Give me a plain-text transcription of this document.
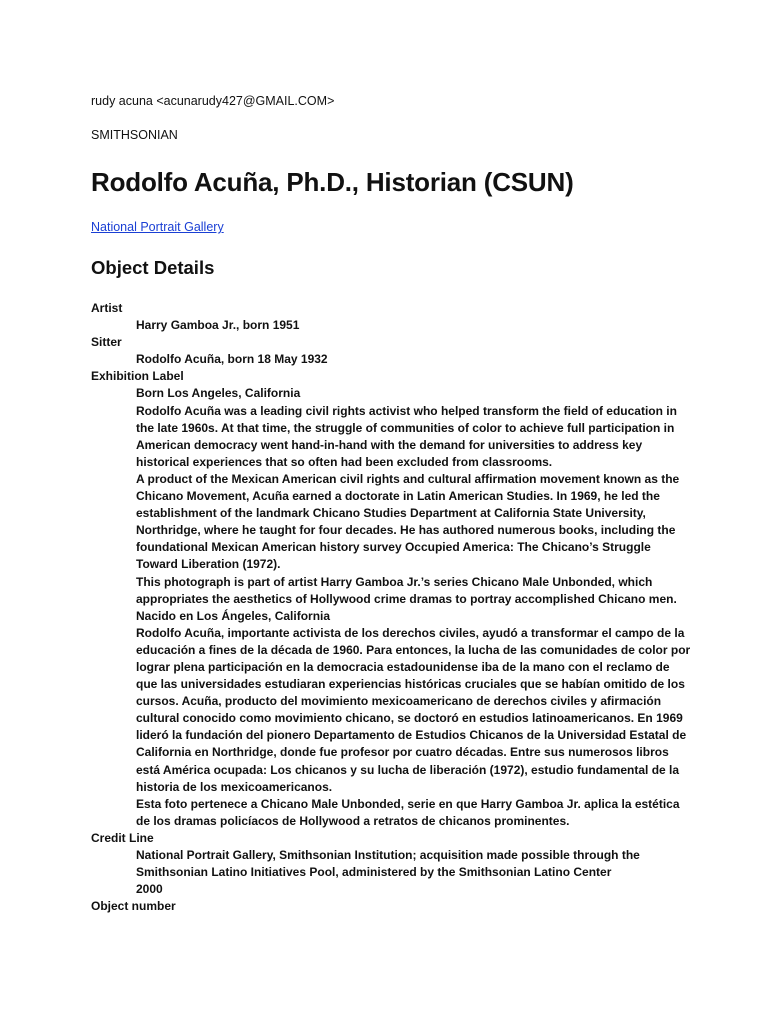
rudy acuna <acunarudy427@GMAIL.COM>
SMITHSONIAN
Rodolfo Acuña, Ph.D., Historian (CSUN)
National Portrait Gallery
Object Details
Artist
Harry Gamboa Jr., born 1951
Sitter
Rodolfo Acuña, born 18 May 1932
Exhibition Label

Born Los Angeles, California

Rodolfo Acuña was a leading civil rights activist who helped transform the field of education in the late 1960s. At that time, the struggle of communities of color to achieve full participation in American democracy went hand-in-hand with the demand for universities to address key historical experiences that so often had been excluded from classrooms.

A product of the Mexican American civil rights and cultural affirmation movement known as the Chicano Movement, Acuña earned a doctorate in Latin American Studies. In 1969, he led the establishment of the landmark Chicano Studies Department at California State University, Northridge, where he taught for four decades. He has authored numerous books, including the foundational Mexican American history survey Occupied America: The Chicano’s Struggle Toward Liberation (1972).

This photograph is part of artist Harry Gamboa Jr.’s series Chicano Male Unbonded, which appropriates the aesthetics of Hollywood crime dramas to portray accomplished Chicano men.

Nacido en Los Ángeles, California

Rodolfo Acuña, importante activista de los derechos civiles, ayudó a transformar el campo de la educación a fines de la década de 1960. Para entonces, la lucha de las comunidades de color por lograr plena participación en la democracia estadounidense iba de la mano con el reclamo de que las universidades estudiaran experiencias históricas cruciales que se habían omitido de los cursos. Acuña, producto del movimiento mexicoamericano de derechos civiles y afirmación cultural conocido como movimiento chicano, se doctoró en estudios latinoamericanos. En 1969 lideró la fundación del pionero Departamento de Estudios Chicanos de la Universidad Estatal de California en Northridge, donde fue profesor por cuatro décadas. Entre sus numerosos libros está América ocupada: Los chicanos y su lucha de liberación (1972), estudio fundamental de la historia de los mexicoamericanos.

Esta foto pertenece a Chicano Male Unbonded, serie en que Harry Gamboa Jr. aplica la estética de los dramas policíacos de Hollywood a retratos de chicanos prominentes.

Credit Line

National Portrait Gallery, Smithsonian Institution; acquisition made possible through the Smithsonian Latino Initiatives Pool, administered by the Smithsonian Latino Center

2000

Object number
